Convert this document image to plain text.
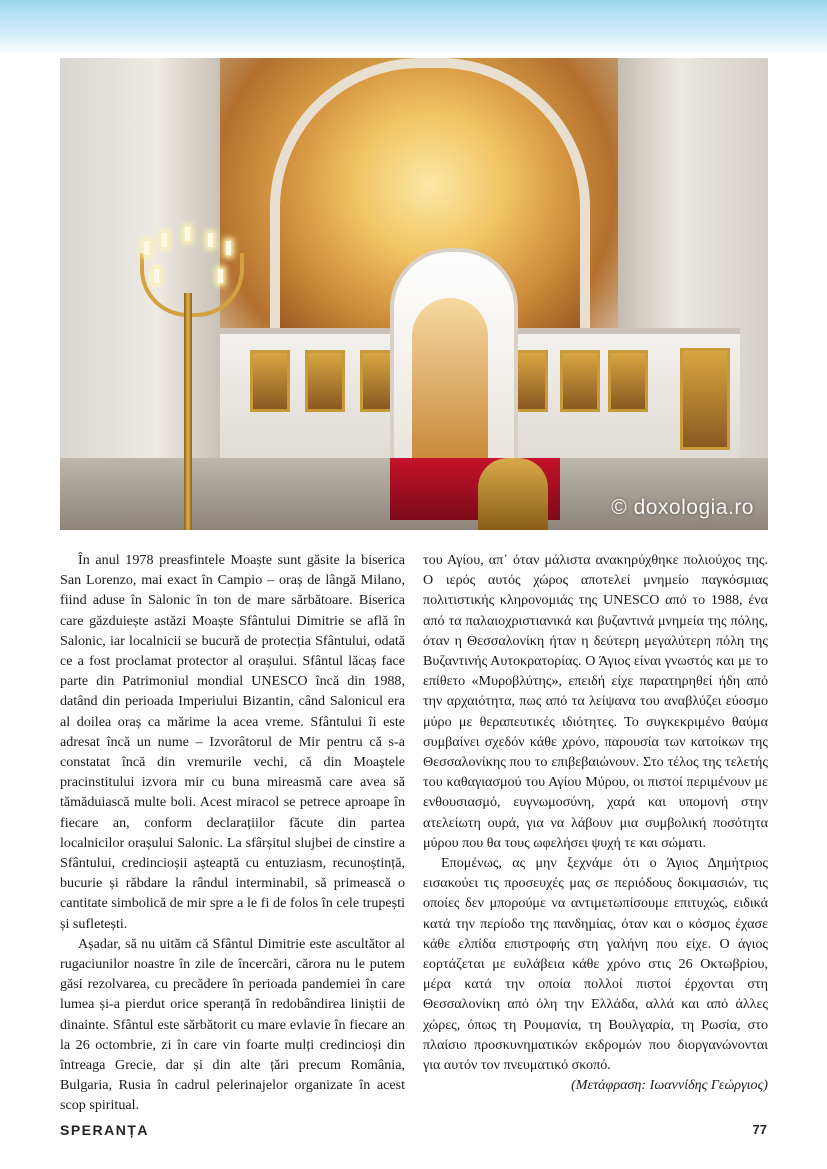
© doxologia.ro

În anul 1978 preasfintele Moaște sunt găsite la biserica San Lorenzo, mai exact în Campio – oraș de lângă Milano, fiind aduse în Salonic în ton de mare sărbătoare. Biserica care găzduiește astăzi Moaște Sfântului Dimitrie se află în Salonic, iar localnicii se bucură de protecția Sfântului, odată ce a fost proclamat protector al orașului. Sfântul lăcaș face parte din Patrimoniul mondial UNESCO încă din 1988, datând din perioada Imperiului Bizantin, când Salonicul era al doilea oraș ca mărime la acea vreme. Sfântului îi este adresat încă un nume – Izvorâtorul de Mir pentru că s-a constatat încă din vremurile vechi, că din Moaștele pracinstitului izvora mir cu buna mireasmă care avea să tămăduiască multe boli. Acest miracol se petrece aproape în fiecare an, conform declarațiilor făcute din partea localnicilor orașului Salonic. La sfârșitul slujbei de cinstire a Sfântului, credincioșii așteaptă cu entuziasm, recunoștință, bucurie și răbdare la rândul interminabil, să primească o cantitate simbolică de mir spre a le fi de folos în cele trupești și sufletești.

Așadar, să nu uităm că Sfântul Dimitrie este ascultător al rugaciunilor noastre în zile de încercări, cărora nu le putem găsi rezolvarea, cu precădere în perioada pandemiei în care lumea și-a pierdut orice speranță în redobândirea liniștii de dinainte. Sfântul este sărbătorit cu mare evlavie în fiecare an la 26 octombrie, zi în care vin foarte mulți credincioși din întreaga Grecie, dar și din alte țări precum România, Bulgaria, Rusia în cadrul pelerinajelor organizate în acest scop spiritual.

του Αγίου, απ᾽ όταν μάλιστα ανακηρύχθηκε πολιούχος της. Ο ιερός αυτός χώρος αποτελεί μνημείο παγκόσμιας πολιτιστικής κληρονομιάς της UNESCO από το 1988, ένα από τα παλαιοχριστιανικά και βυζαντινά μνημεία της πόλης, όταν η Θεσσαλονίκη ήταν η δεύτερη μεγαλύτερη πόλη της Βυζαντινής Αυτοκρατορίας. Ο Άγιος είναι γνωστός και με το επίθετο «Μυροβλύτης», επειδή είχε παρατηρηθεί ήδη από την αρχαιότητα, πως από τα λείψανα του αναβλύζει εύοσμο μύρο με θεραπευτικές ιδιότητες. Το συγκεκριμένο θαύμα συμβαίνει σχεδόν κάθε χρόνο, παρουσία των κατοίκων της Θεσσαλονίκης που το επιβεβαιώνουν. Στο τέλος της τελετής του καθαγιασμού του Αγίου Μύρου, οι πιστοί περιμένουν με ενθουσιασμό, ευγνωμοσύνη, χαρά και υπομονή στην ατελείωτη ουρά, για να λάβουν μια συμβολική ποσότητα μύρου που θα τους ωφελήσει ψυχή τε και σώματι.

Επομένως, ας μην ξεχνάμε ότι ο Άγιος Δημήτριος εισακούει τις προσευχές μας σε περιόδους δοκιμασιών, τις οποίες δεν μπορούμε να αντιμετωπίσουμε επιτυχώς, ειδικά κατά την περίοδο της πανδημίας, όταν και ο κόσμος έχασε κάθε ελπίδα επιστροφής στη γαλήνη που είχε. Ο άγιος εορτάζεται με ευλάβεια κάθε χρόνο στις 26 Οκτωβρίου, μέρα κατά την οποία πολλοί πιστοί έρχονται στη Θεσσαλονίκη από όλη την Ελλάδα, αλλά και από άλλες χώρες, όπως τη Ρουμανία, τη Βουλγαρία, τη Ρωσία, στο πλαίσιο προσκυνηματικών εκδρομών που διοργανώνονται για αυτόν τον πνευματικό σκοπό.

(Μετάφραση: Ιωαννίδης Γεώργιος)

SPERANȚA	77
